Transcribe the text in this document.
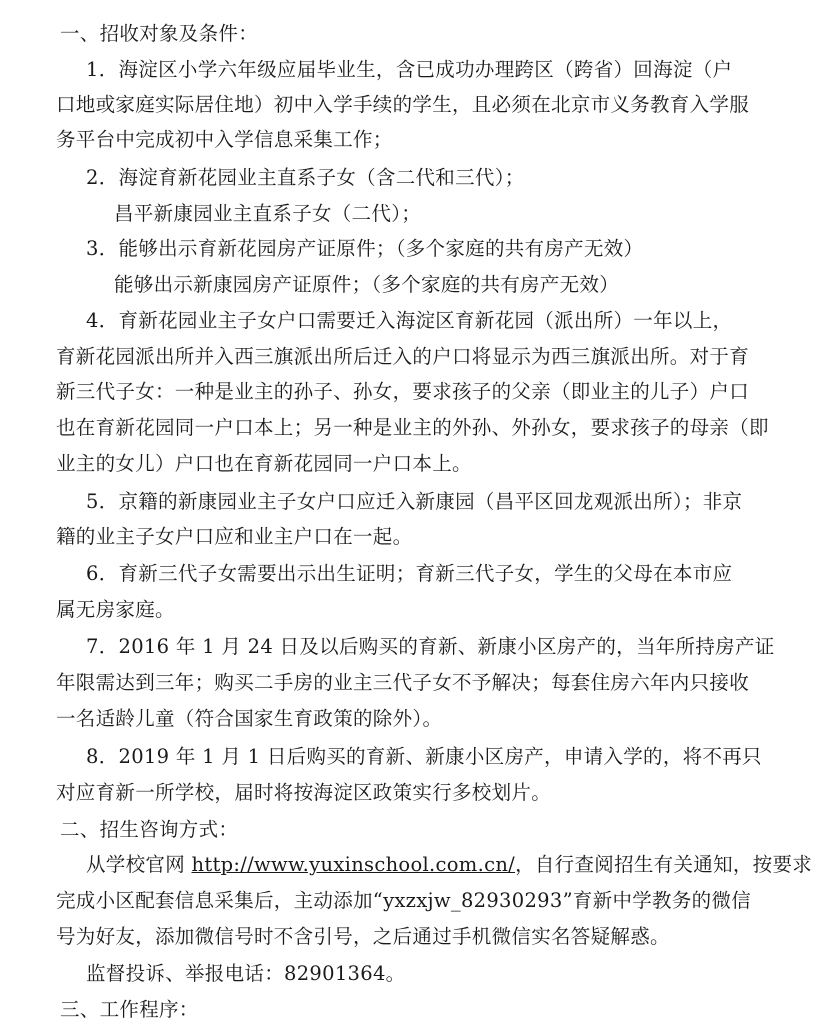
一、招收对象及条件：
1．海淀区小学六年级应届毕业生，含已成功办理跨区（跨省）回海淀（户
口地或家庭实际居住地）初中入学手续的学生，且必须在北京市义务教育入学服
务平台中完成初中入学信息采集工作；
2．海淀育新花园业主直系子女（含二代和三代）；
昌平新康园业主直系子女（二代）；
3．能够出示育新花园房产证原件；（多个家庭的共有房产无效）
能够出示新康园房产证原件；（多个家庭的共有房产无效）
4．育新花园业主子女户口需要迁入海淀区育新花园（派出所）一年以上，
育新花园派出所并入西三旗派出所后迁入的户口将显示为西三旗派出所。对于育
新三代子女：一种是业主的孙子、孙女，要求孩子的父亲（即业主的儿子）户口
也在育新花园同一户口本上；另一种是业主的外孙、外孙女，要求孩子的母亲（即
业主的女儿）户口也在育新花园同一户口本上。
5．京籍的新康园业主子女户口应迁入新康园（昌平区回龙观派出所）；非京
籍的业主子女户口应和业主户口在一起。
6．育新三代子女需要出示出生证明；育新三代子女，学生的父母在本市应
属无房家庭。
7．2016 年 1 月 24 日及以后购买的育新、新康小区房产的，当年所持房产证
年限需达到三年；购买二手房的业主三代子女不予解决；每套住房六年内只接收
一名适龄儿童（符合国家生育政策的除外）。
8．2019 年 1 月 1 日后购买的育新、新康小区房产，申请入学的，将不再只
对应育新一所学校，届时将按海淀区政策实行多校划片。
二、招生咨询方式：
从学校官网 http://www.yuxinschool.com.cn/，自行查阅招生有关通知，按要求
完成小区配套信息采集后，主动添加“yxzxjw_82930293”育新中学教务的微信
号为好友，添加微信号时不含引号，之后通过手机微信实名答疑解惑。
监督投诉、举报电话：82901364。
三、工作程序：
